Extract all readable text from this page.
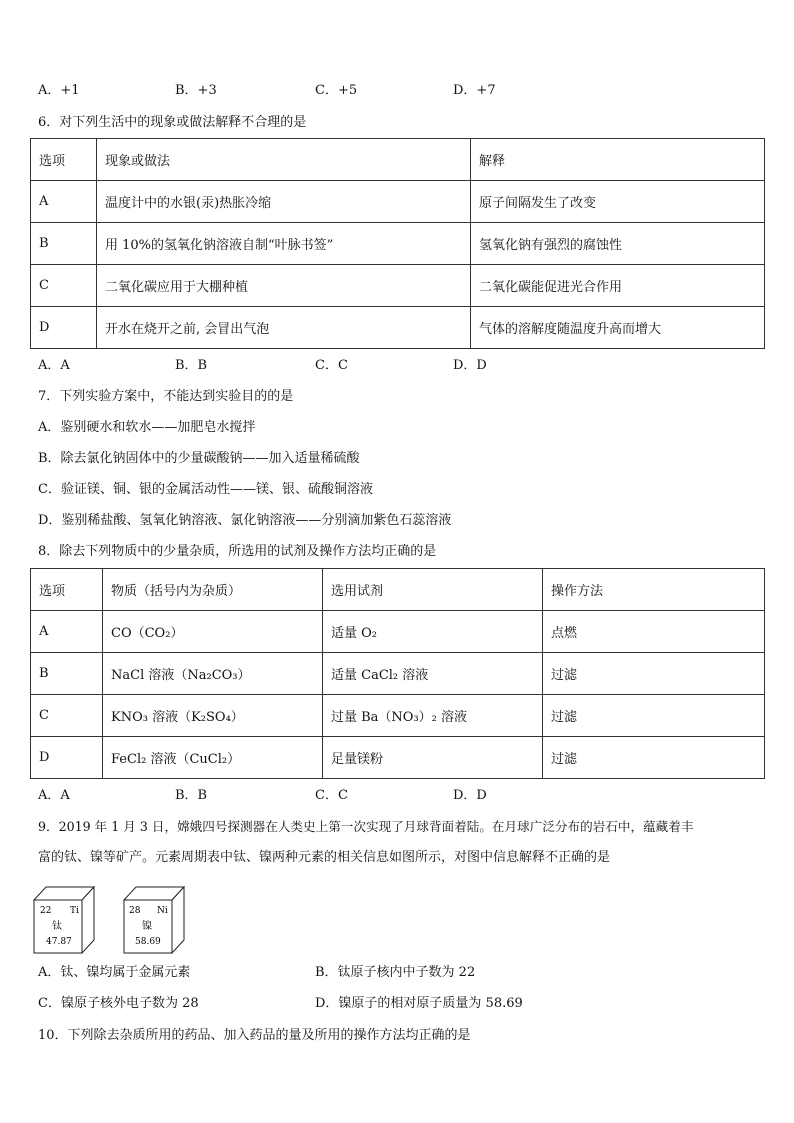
A．+1	B．+3	C．+5	D．+7
6．对下列生活中的现象或做法解释不合理的是
选项	现象或做法	解释
A	温度计中的水银(汞)热胀冷缩	原子间隔发生了改变
B	用 10%的氢氧化钠溶液自制“叶脉书签”	氢氧化钠有强烈的腐蚀性
C	二氧化碳应用于大棚种植	二氧化碳能促进光合作用
D	开水在烧开之前, 会冒出气泡	气体的溶解度随温度升高而增大
A．A	B．B	C．C	D．D
7．下列实验方案中，不能达到实验目的的是
A．鉴别硬水和软水——加肥皂水搅拌
B．除去氯化钠固体中的少量碳酸钠——加入适量稀硫酸
C．验证镁、铜、银的金属活动性——镁、银、硫酸铜溶液
D．鉴别稀盐酸、氢氧化钠溶液、氯化钠溶液——分别滴加紫色石蕊溶液
8．除去下列物质中的少量杂质，所选用的试剂及操作方法均正确的是
选项	物质（括号内为杂质）	选用试剂	操作方法
A	CO（CO₂）	适量 O₂	点燃
B	NaCl 溶液（Na₂CO₃）	适量 CaCl₂ 溶液	过滤
C	KNO₃ 溶液（K₂SO₄）	过量 Ba（NO₃）₂ 溶液	过滤
D	FeCl₂ 溶液（CuCl₂）	足量镁粉	过滤
A．A	B．B	C．C	D．D
9．2019 年 1 月 3 日，嫦娥四号探测器在人类史上第一次实现了月球背面着陆。在月球广泛分布的岩石中，蕴藏着丰
富的钛、镍等矿产。元素周期表中钛、镍两种元素的相关信息如图所示，对图中信息解释不正确的是
22 Ti
钛
47.87
28 Ni
镍
58.69
A．钛、镍均属于金属元素	B．钛原子核内中子数为 22
C．镍原子核外电子数为 28	D．镍原子的相对原子质量为 58.69
10．下列除去杂质所用的药品、加入药品的量及所用的操作方法均正确的是
